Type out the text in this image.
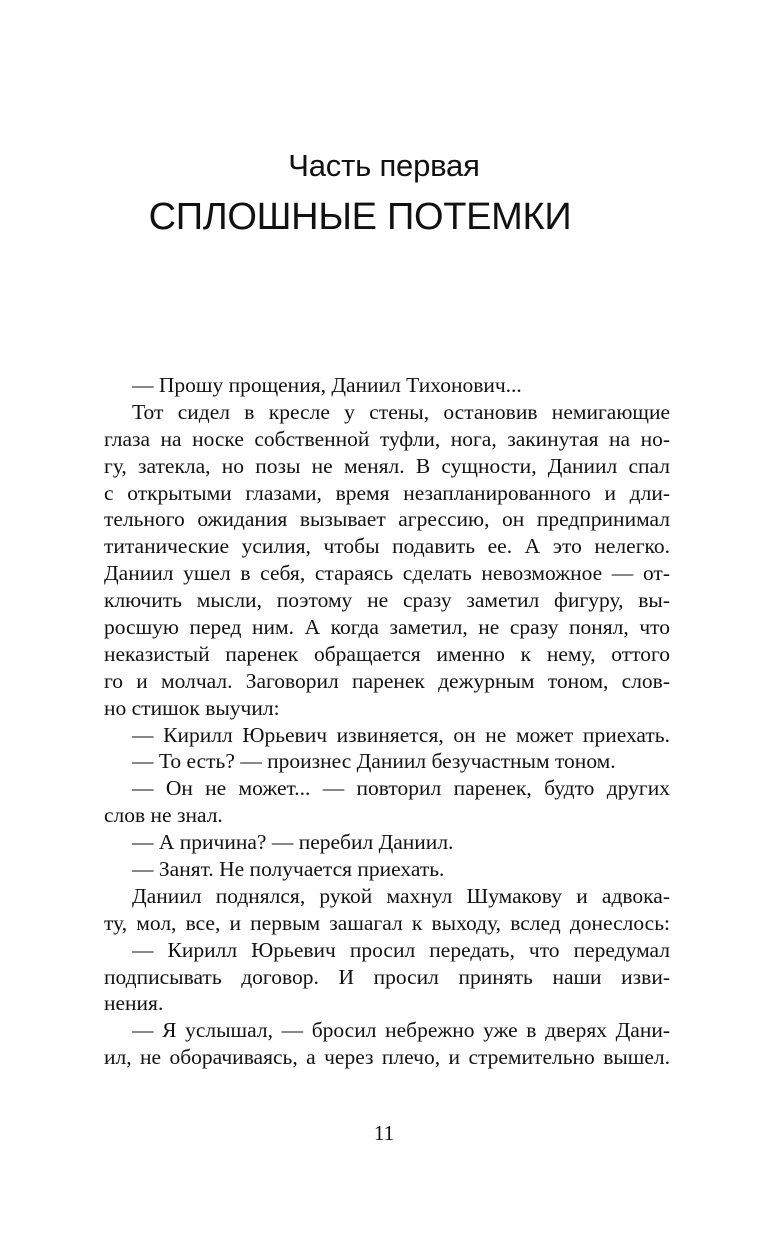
Часть первая
СПЛОШНЫЕ ПОТЕМКИ
— Прошу прощения, Даниил Тихонович...
Тот сидел в кресле у стены, остановив немигающие
глаза на носке собственной туфли, нога, закинутая на но-
гу, затекла, но позы не менял. В сущности, Даниил спал
с открытыми глазами, время незапланированного и дли-
тельного ожидания вызывает агрессию, он предпринимал
титанические усилия, чтобы подавить ее. А это нелегко.
Даниил ушел в себя, стараясь сделать невозможное — от-
ключить мысли, поэтому не сразу заметил фигуру, вы-
росшую перед ним. А когда заметил, не сразу понял, что
неказистый паренек обращается именно к нему, оттого
го и молчал. Заговорил паренек дежурным тоном, слов-
но стишок выучил:
— Кирилл Юрьевич извиняется, он не может приехать.
— То есть? — произнес Даниил безучастным тоном.
— Он не может... — повторил паренек, будто других
слов не знал.
— А причина? — перебил Даниил.
— Занят. Не получается приехать.
Даниил поднялся, рукой махнул Шумакову и адвока-
ту, мол, все, и первым зашагал к выходу, вслед донеслось:
— Кирилл Юрьевич просил передать, что передумал
подписывать договор. И просил принять наши изви-
нения.
— Я услышал, — бросил небрежно уже в дверях Дани-
ил, не оборачиваясь, а через плечо, и стремительно вышел.
11
